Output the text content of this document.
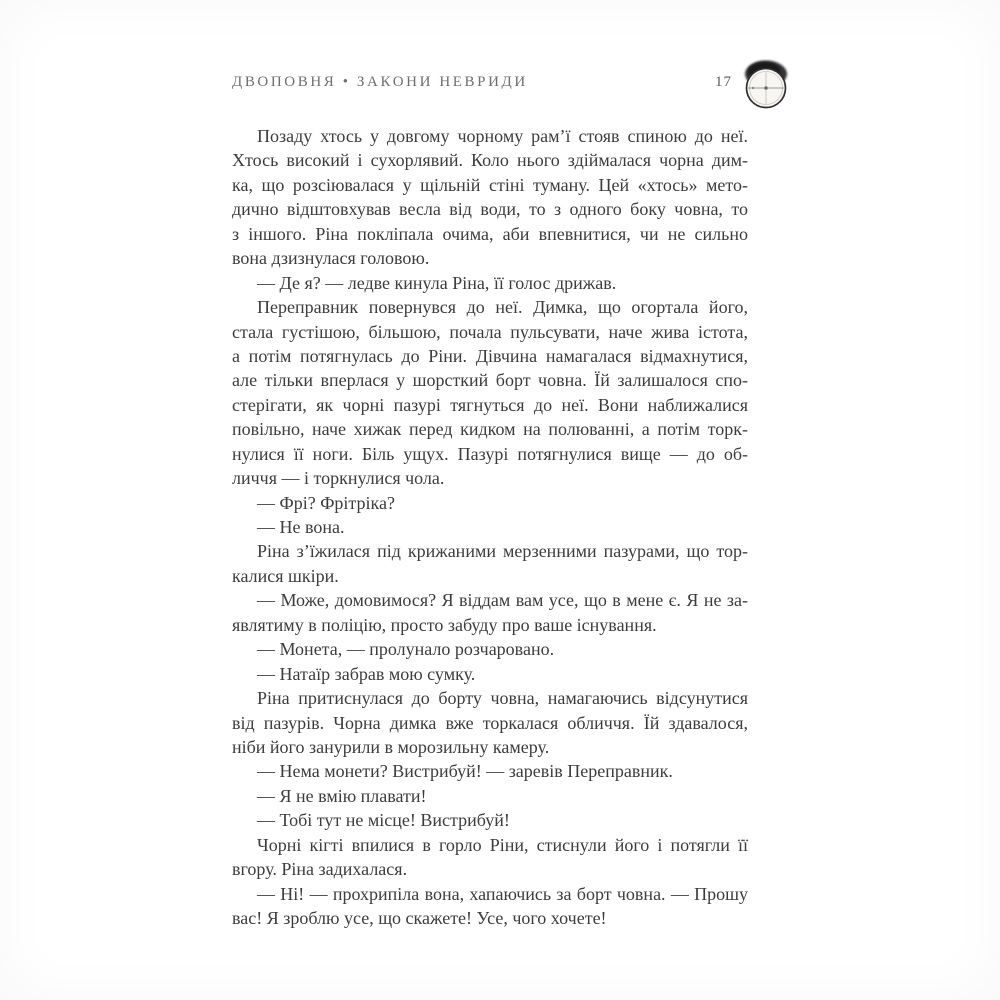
ДВОПОВНЯ • ЗАКОНИ НЕВРИДИ	17
Позаду хтось у довгому чорному рам’ї стояв спиною до неї.
Хтось високий і сухорлявий. Коло нього здіймалася чорна дим-
ка, що розсіювалася у щільній стіні туману. Цей «хтось» мето-
дично відштовхував весла від води, то з одного боку човна, то
з іншого. Ріна покліпала очима, аби впевнитися, чи не сильно
вона дзизнулася головою.
— Де я? — ледве кинула Ріна, її голос дрижав.
Переправник повернувся до неї. Димка, що огортала його,
стала густішою, більшою, почала пульсувати, наче жива істота,
а потім потягнулась до Ріни. Дівчина намагалася відмахнутися,
але тільки вперлася у шорсткий борт човна. Їй залишалося спо-
стерігати, як чорні пазурі тягнуться до неї. Вони наближалися
повільно, наче хижак перед кидком на полюванні, а потім торк-
нулися її ноги. Біль ущух. Пазурі потягнулися вище — до об-
личчя — і торкнулися чола.
— Фрі? Фрітріка?
— Не вона.
Ріна з’їжилася під крижаними мерзенними пазурами, що тор-
калися шкіри.
— Може, домовимося? Я віддам вам усе, що в мене є. Я не за-
являтиму в поліцію, просто забуду про ваше існування.
— Монета, — пролунало розчаровано.
— Натаїр забрав мою сумку.
Ріна притиснулася до борту човна, намагаючись відсунутися
від пазурів. Чорна димка вже торкалася обличчя. Їй здавалося,
ніби його занурили в морозильну камеру.
— Нема монети? Вистрибуй! — заревів Переправник.
— Я не вмію плавати!
— Тобі тут не місце! Вистрибуй!
Чорні кігті впилися в горло Ріни, стиснули його і потягли її
вгору. Ріна задихалася.
— Ні! — прохрипіла вона, хапаючись за борт човна. — Прошу
вас! Я зроблю усе, що скажете! Усе, чого хочете!
